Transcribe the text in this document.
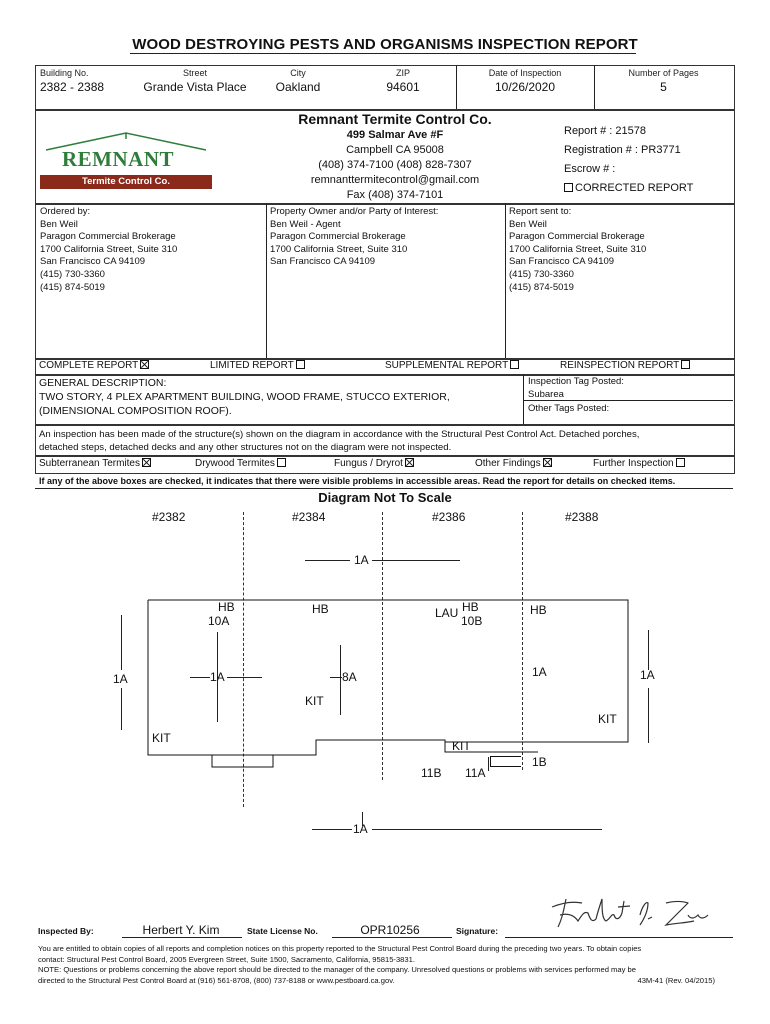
WOOD DESTROYING PESTS AND ORGANISMS INSPECTION REPORT
Building No.
2382 - 2388
Street
Grande Vista Place
City
Oakland
ZIP
94601
Date of Inspection
10/26/2020
Number of Pages
5
REMNANT
Termite Control Co.
Remnant Termite Control Co.
499 Salmar Ave #F
Campbell CA 95008
(408) 374-7100 (408) 828-7307
remnanttermitecontrol@gmail.com
Fax (408) 374-7101
Report # : 21578
Registration # : PR3771
Escrow # :
CORRECTED REPORT
Ordered by:
Ben Weil
Paragon Commercial Brokerage
1700 California Street, Suite 310
San Francisco CA 94109
(415) 730-3360
(415) 874-5019
Property Owner and/or Party of Interest:
Ben Weil - Agent
Paragon Commercial Brokerage
1700 California Street, Suite 310
San Francisco CA 94109
Report sent to:
Ben Weil
Paragon Commercial Brokerage
1700 California Street, Suite 310
San Francisco CA 94109
(415) 730-3360
(415) 874-5019
COMPLETE REPORT	LIMITED REPORT	SUPPLEMENTAL REPORT	REINSPECTION REPORT
GENERAL DESCRIPTION:
TWO STORY, 4 PLEX APARTMENT BUILDING, WOOD FRAME, STUCCO EXTERIOR,
(DIMENSIONAL COMPOSITION ROOF).
Inspection Tag Posted:
Subarea
Other Tags Posted:
An inspection has been made of the structure(s) shown on the diagram in accordance with the Structural Pest Control Act. Detached porches,
detached steps, detached decks and any other structures not on the diagram were not inspected.
Subterranean Termites	Drywood Termites	Fungus / Dryrot	Other Findings	Further Inspection
If any of the above boxes are checked, it indicates that there were visible problems in accessible areas. Read the report for details on checked items.
Diagram Not To Scale
#2382	#2384	#2386	#2388
1A
HB
10A
HB	LAU HB
10B
HB
1A	1A	8A
KIT
1A	1A
KIT
KIT
KIT
11B 11A
1B
1A
Inspected By:	Herbert Y. Kim	State License No.	OPR10256	Signature:
You are entitled to obtain copies of all reports and completion notices on this property reported to the Structural Pest Control Board during the preceding two years. To obtain copies
contact: Structural Pest Control Board, 2005 Evergreen Street, Suite 1500, Sacramento, California, 95815-3831.
NOTE: Questions or problems concerning the above report should be directed to the manager of the company. Unresolved questions or problems with services performed may be
directed to the Structural Pest Control Board at (916) 561-8708, (800) 737-8188 or www.pestboard.ca.gov.	43M-41 (Rev. 04/2015)
